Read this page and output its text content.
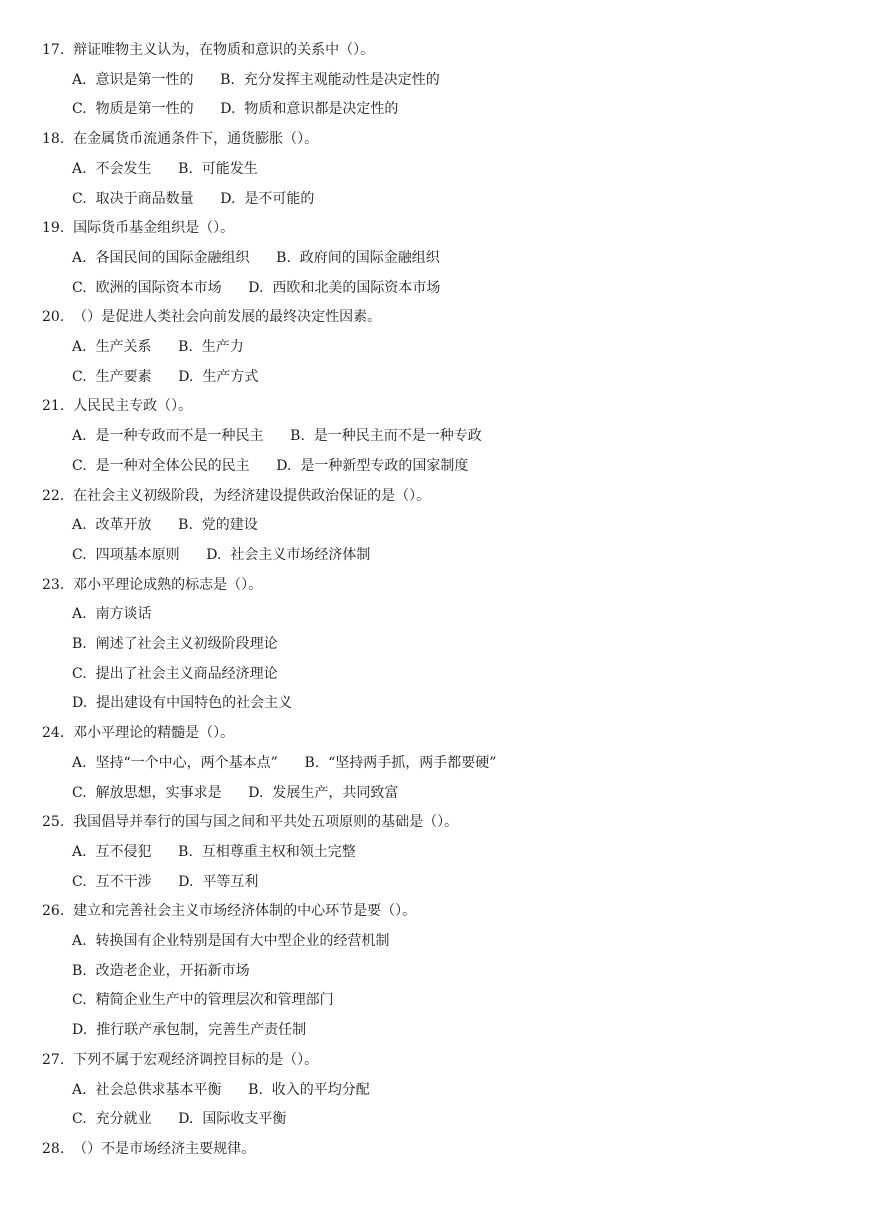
17.  辩证唯物主义认为，在物质和意识的关系中（）。
A.  意识是第一性的      B.  充分发挥主观能动性是决定性的
C.  物质是第一性的      D.  物质和意识都是决定性的
18.  在金属货币流通条件下，通货膨胀（）。
A.  不会发生      B.  可能发生
C.  取决于商品数量      D.  是不可能的
19.  国际货币基金组织是（）。
A.  各国民间的国际金融组织      B.  政府间的国际金融组织
C.  欧洲的国际资本市场      D.  西欧和北美的国际资本市场
20.  （）是促进人类社会向前发展的最终决定性因素。
A.  生产关系      B.  生产力
C.  生产要素      D.  生产方式
21.  人民民主专政（）。
A.  是一种专政而不是一种民主      B.  是一种民主而不是一种专政
C.  是一种对全体公民的民主      D.  是一种新型专政的国家制度
22.  在社会主义初级阶段，为经济建设提供政治保证的是（）。
A.  改革开放      B.  党的建设
C.  四项基本原则      D.  社会主义市场经济体制
23.  邓小平理论成熟的标志是（）。
A.  南方谈话
B.  阐述了社会主义初级阶段理论
C.  提出了社会主义商品经济理论
D.  提出建设有中国特色的社会主义
24.  邓小平理论的精髓是（）。
A.  坚持“一个中心，两个基本点”      B.  “坚持两手抓，两手都要硬”
C.  解放思想，实事求是      D.  发展生产，共同致富
25.  我国倡导并奉行的国与国之间和平共处五项原则的基础是（）。
A.  互不侵犯      B.  互相尊重主权和领土完整
C.  互不干涉      D.  平等互利
26.  建立和完善社会主义市场经济体制的中心环节是要（）。
A.  转换国有企业特别是国有大中型企业的经营机制
B.  改造老企业，开拓新市场
C.  精简企业生产中的管理层次和管理部门
D.  推行联产承包制，完善生产责任制
27.  下列不属于宏观经济调控目标的是（）。
A.  社会总供求基本平衡      B.  收入的平均分配
C.  充分就业      D.  国际收支平衡
28.  （）不是市场经济主要规律。
